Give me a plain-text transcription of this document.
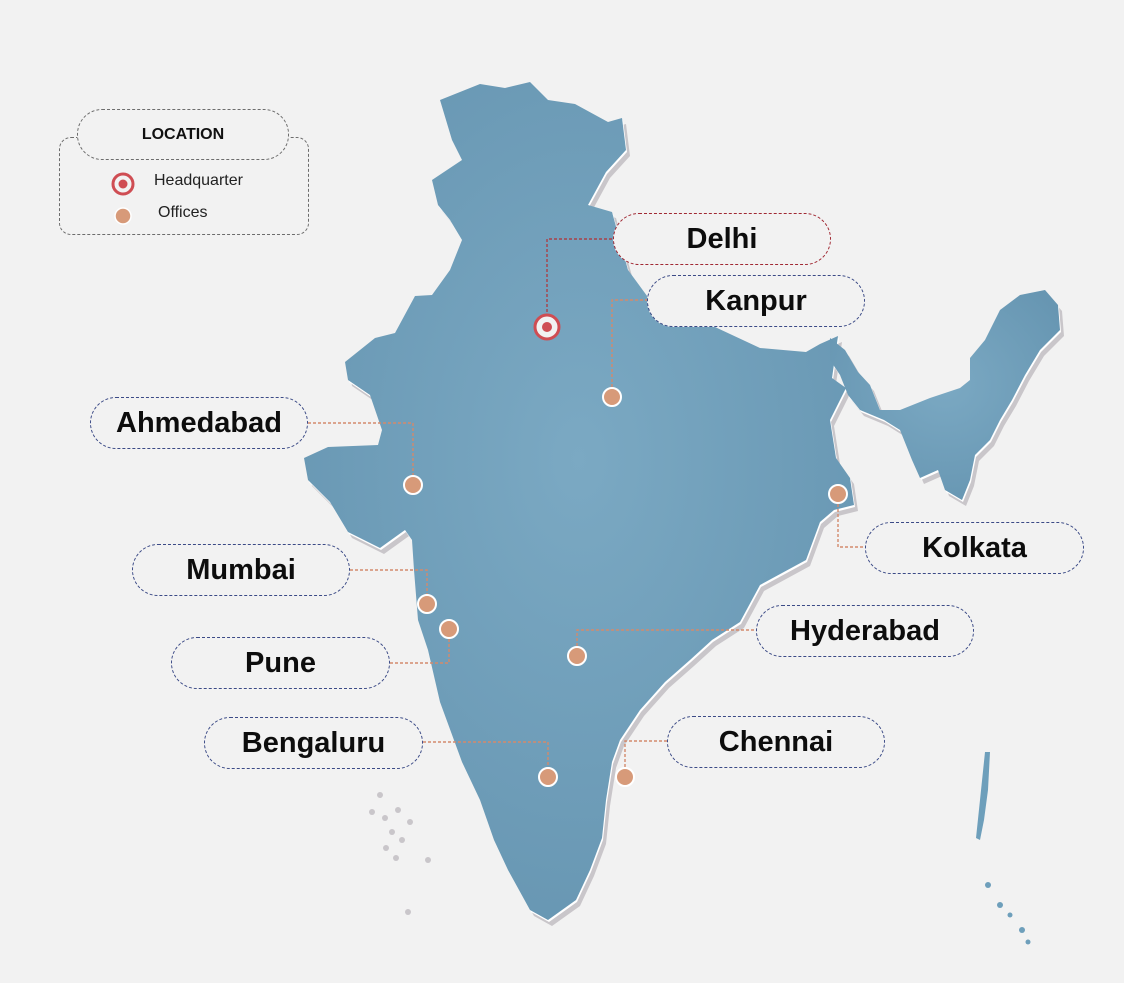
LOCATION
Headquarter
Offices
Delhi
Kanpur
Ahmedabad
Kolkata
Mumbai
Pune
Hyderabad
Bengaluru	Chennai
